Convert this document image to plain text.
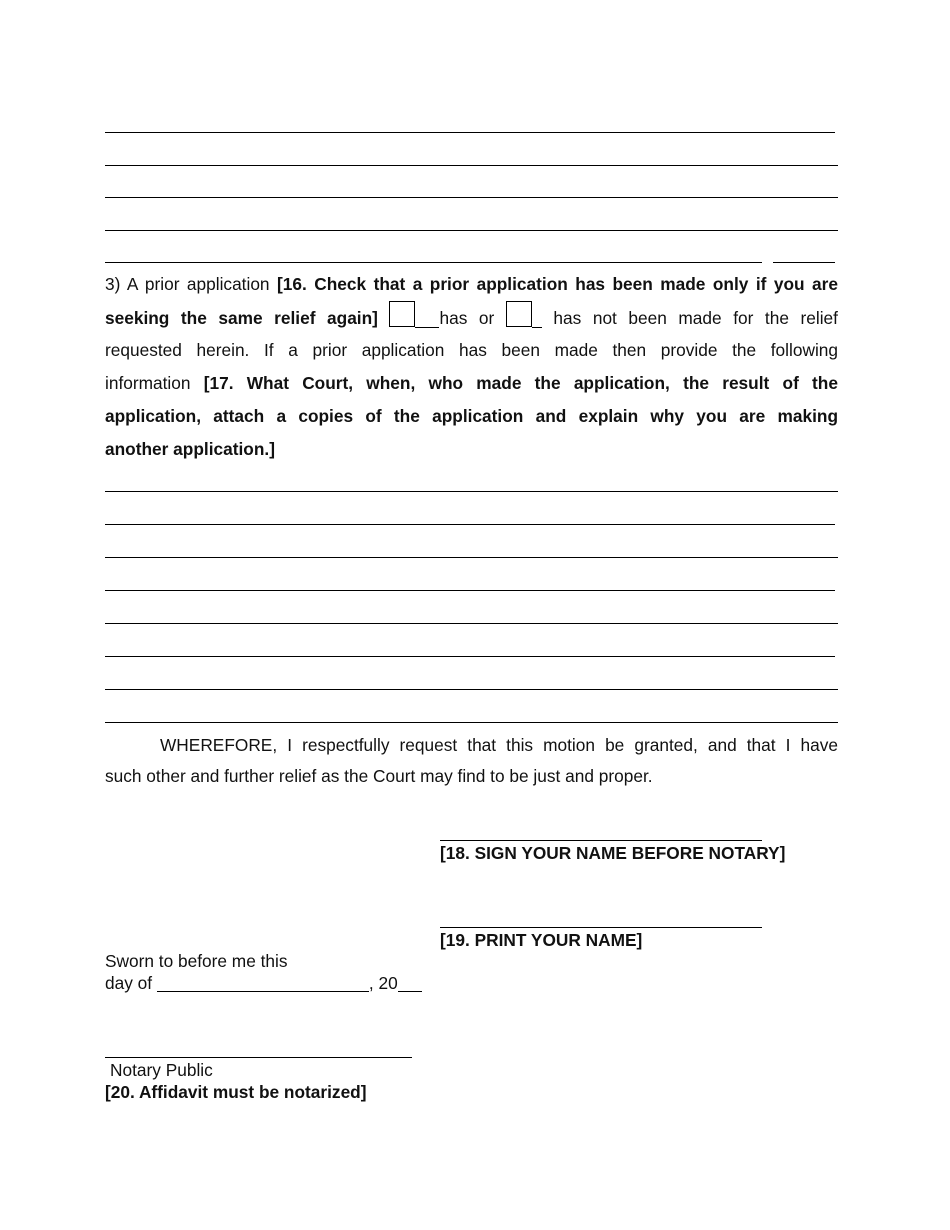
3) A prior application [16. Check that a prior application has been made only if you are
seeking the same relief again]	has or	has not been made for the relief
requested herein. If a prior application has been made then provide the following
information [17. What Court, when, who made the application, the result of the
application, attach a copies of the application and explain why you are making
another application.]
WHEREFORE, I respectfully request that this motion be granted, and that I have
such other and further relief as the Court may find to be just and proper.
[18. SIGN YOUR NAME BEFORE NOTARY]
[19. PRINT YOUR NAME]
Sworn to before me this
day of	, 20
Notary Public
[20. Affidavit must be notarized]
